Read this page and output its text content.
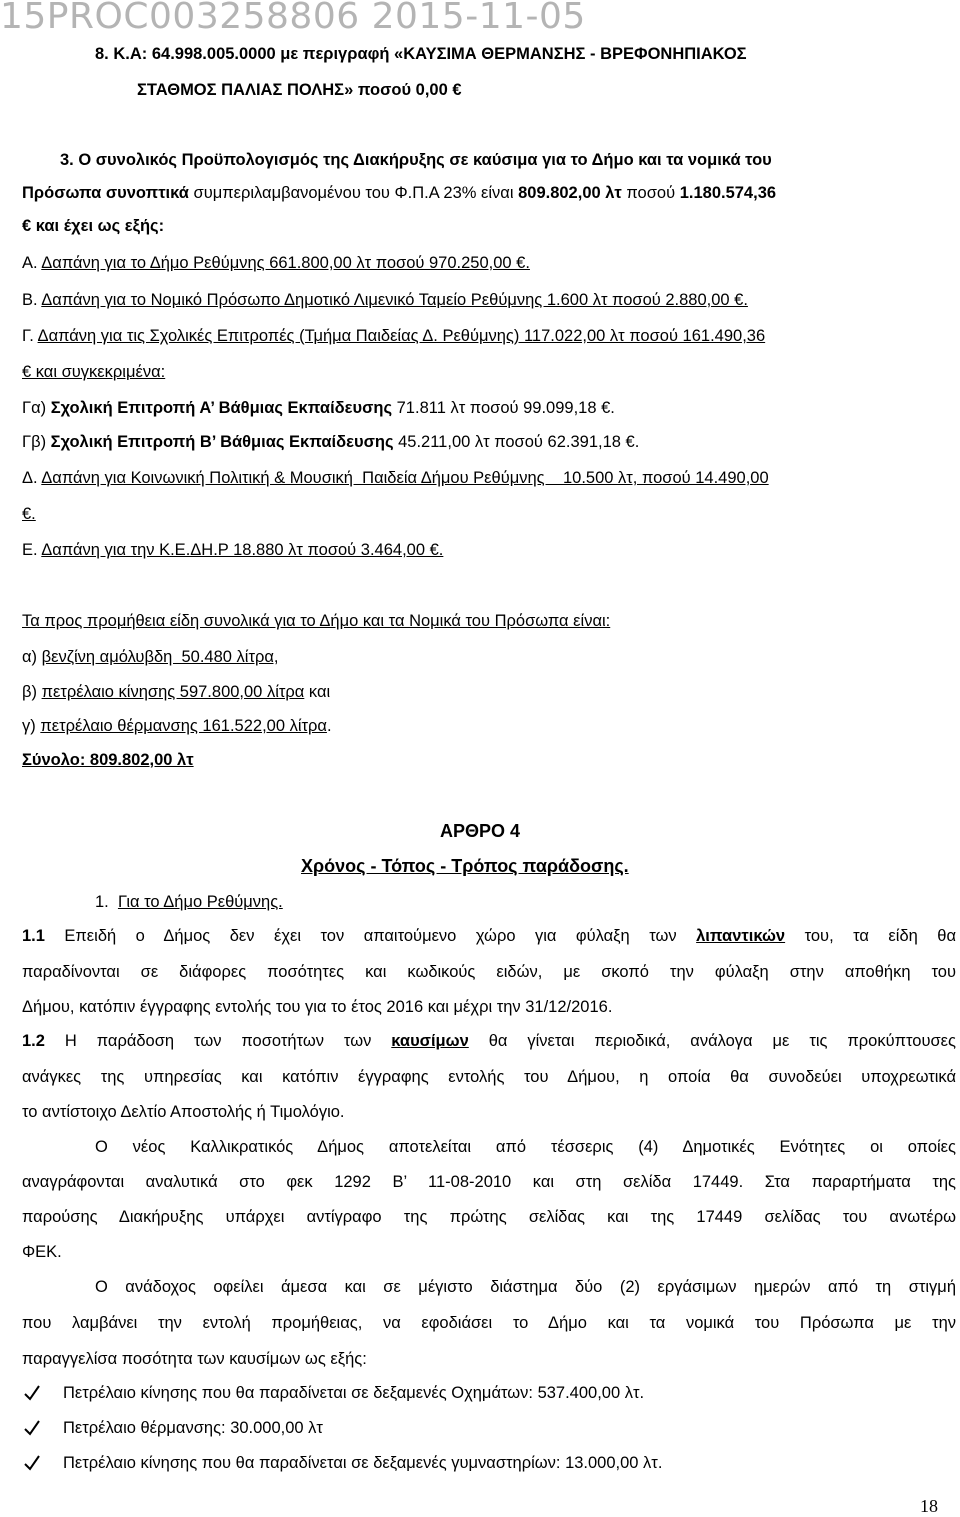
15PROC003258806 2015-11-05
8. Κ.Α: 64.998.005.0000 με περιγραφή «ΚΑΥΣΙΜΑ ΘΕΡΜΑΝΣΗΣ - ΒΡΕΦΟΝΗΠΙΑΚΟΣ
ΣΤΑΘΜΟΣ ΠΑΛΙΑΣ ΠΟΛΗΣ» ποσού 0,00 €
3. Ο συνολικός Προϋπολογισμός της Διακήρυξης σε καύσιμα για το Δήμο και τα νομικά του
Πρόσωπα συνοπτικά συμπεριλαμβανομένου του Φ.Π.Α 23% είναι 809.802,00 λτ ποσού 1.180.574,36
€ και έχει ως εξής:
Α. Δαπάνη για το Δήμο Ρεθύμνης 661.800,00 λτ ποσού 970.250,00 €.
Β. Δαπάνη για το Νομικό Πρόσωπο Δημοτικό Λιμενικό Ταμείο Ρεθύμνης 1.600 λτ ποσού 2.880,00 €.
Γ. Δαπάνη για τις Σχολικές Επιτροπές (Τμήμα Παιδείας Δ. Ρεθύμνης) 117.022,00 λτ ποσού 161.490,36
€ και συγκεκριμένα:
Γα) Σχολική Επιτροπή Α’ Βάθμιας Εκπαίδευσης 71.811 λτ ποσού 99.099,18 €.
Γβ) Σχολική Επιτροπή Β’ Βάθμιας Εκπαίδευσης 45.211,00 λτ ποσού 62.391,18 €.
Δ. Δαπάνη για Κοινωνική Πολιτική & Μουσική  Παιδεία Δήμου Ρεθύμνης    10.500 λτ, ποσού 14.490,00
€.
Ε. Δαπάνη για την Κ.Ε.ΔΗ.Ρ 18.880 λτ ποσού 3.464,00 €.
Τα προς προμήθεια είδη συνολικά για το Δήμο και τα Νομικά του Πρόσωπα είναι:
α) βενζίνη αμόλυβδη  50.480 λίτρα,
β) πετρέλαιο κίνησης 597.800,00 λίτρα και
γ) πετρέλαιο θέρμανσης 161.522,00 λίτρα.
Σύνολο: 809.802,00 λτ
ΑΡΘΡΟ 4
Χρόνος - Τόπος - Τρόπος παράδοσης.
1.  Για το Δήμο Ρεθύμνης.
1.1 Επειδή ο Δήμος δεν έχει τον απαιτούμενο χώρο για φύλαξη των λιπαντικών του, τα είδη θα
παραδίνονται σε διάφορες ποσότητες και κωδικούς ειδών, με σκοπό την φύλαξη στην αποθήκη του
Δήμου, κατόπιν έγγραφης εντολής του για το έτος 2016 και μέχρι την 31/12/2016.
1.2 Η παράδοση των ποσοτήτων των καυσίμων θα γίνεται περιοδικά, ανάλογα με τις προκύπτουσες
ανάγκες της υπηρεσίας και κατόπιν έγγραφης εντολής του Δήμου, η οποία θα συνοδεύει υποχρεωτικά
το αντίστοιχο Δελτίο Αποστολής ή Τιμολόγιο.
Ο νέος Καλλικρατικός Δήμος αποτελείται από τέσσερις (4) Δημοτικές Ενότητες οι οποίες
αναγράφονται αναλυτικά στο φεκ 1292 Β’ 11-08-2010 και στη σελίδα 17449. Στα παραρτήματα της
παρούσης Διακήρυξης υπάρχει αντίγραφο της πρώτης σελίδας και της 17449 σελίδας του ανωτέρω
ΦΕΚ.
Ο ανάδοχος οφείλει άμεσα και σε μέγιστο διάστημα δύο (2) εργάσιμων ημερών από τη στιγμή
που λαμβάνει την εντολή προμήθειας, να εφοδιάσει το Δήμο και τα νομικά του Πρόσωπα με την
παραγγελίσα ποσότητα των καυσίμων ως εξής:
Πετρέλαιο κίνησης που θα παραδίνεται σε δεξαμενές Οχημάτων: 537.400,00 λτ.
Πετρέλαιο θέρμανσης: 30.000,00 λτ
Πετρέλαιο κίνησης που θα παραδίνεται σε δεξαμενές γυμναστηρίων: 13.000,00 λτ.
18
